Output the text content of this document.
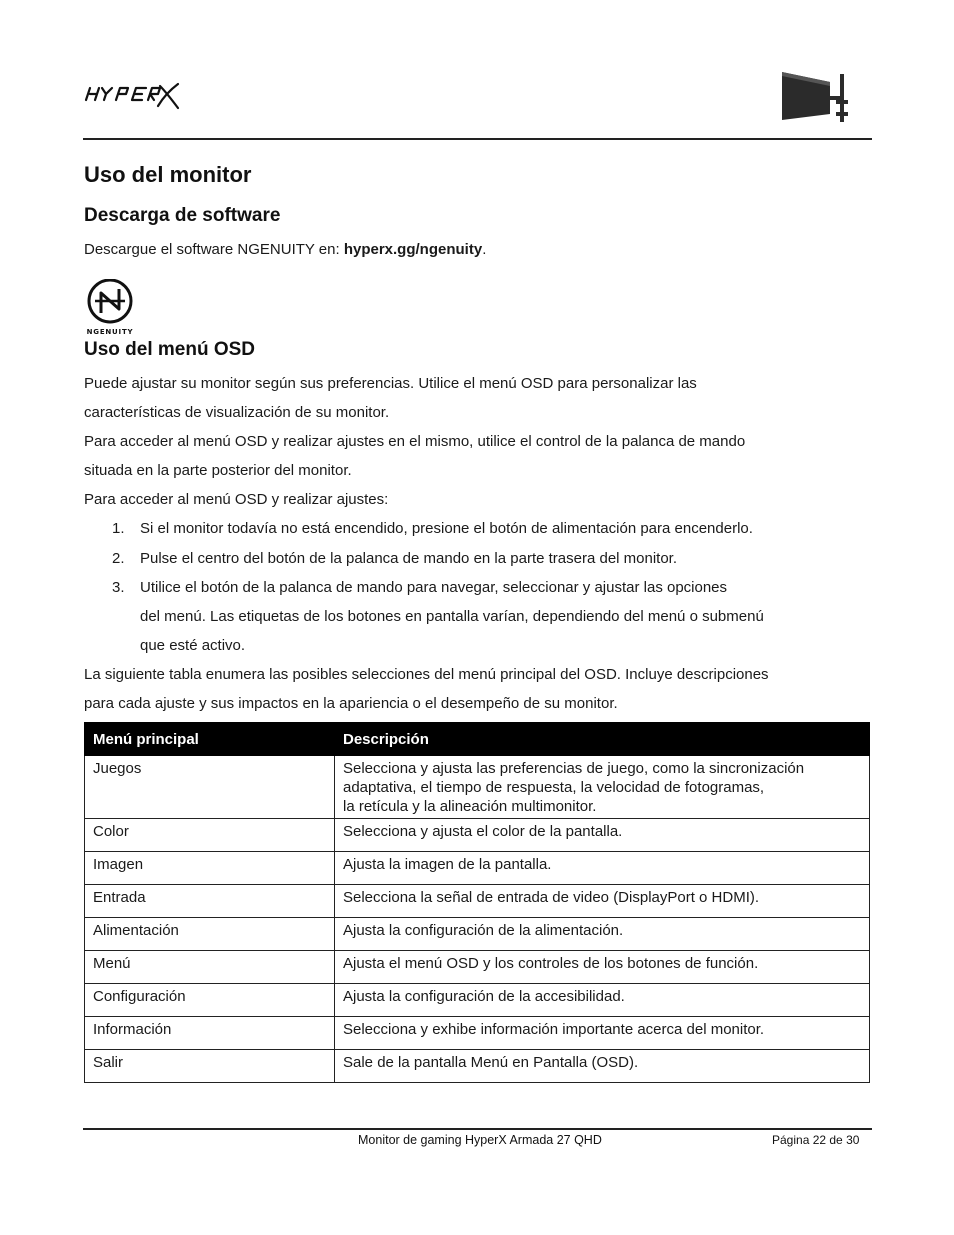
Uso del monitor
Descarga de software
Descargue el software NGENUITY en: hyperx.gg/ngenuity.
NGENUITY
Uso del menú OSD
Puede ajustar su monitor según sus preferencias. Utilice el menú OSD para personalizar las
características de visualización de su monitor.
Para acceder al menú OSD y realizar ajustes en el mismo, utilice el control de la palanca de mando
situada en la parte posterior del monitor.
Para acceder al menú OSD y realizar ajustes:
1. Si el monitor todavía no está encendido, presione el botón de alimentación para encenderlo.
2. Pulse el centro del botón de la palanca de mando en la parte trasera del monitor.
3. Utilice el botón de la palanca de mando para navegar, seleccionar y ajustar las opciones
del menú. Las etiquetas de los botones en pantalla varían, dependiendo del menú o submenú
que esté activo.
La siguiente tabla enumera las posibles selecciones del menú principal del OSD. Incluye descripciones
para cada ajuste y sus impactos en la apariencia o el desempeño de su monitor.
Menú principal	Descripción
Juegos	Selecciona y ajusta las preferencias de juego, como la sincronización
adaptativa, el tiempo de respuesta, la velocidad de fotogramas,
la retícula y la alineación multimonitor.

Color	Selecciona y ajusta el color de la pantalla.
Imagen	Ajusta la imagen de la pantalla.
Entrada	Selecciona la señal de entrada de video (DisplayPort o HDMI).
Alimentación	Ajusta la configuración de la alimentación.
Menú	Ajusta el menú OSD y los controles de los botones de función.
Configuración	Ajusta la configuración de la accesibilidad.
Información	Selecciona y exhibe información importante acerca del monitor.
Salir	Sale de la pantalla Menú en Pantalla (OSD).
Monitor de gaming HyperX Armada 27 QHD	Página 22 de 30
